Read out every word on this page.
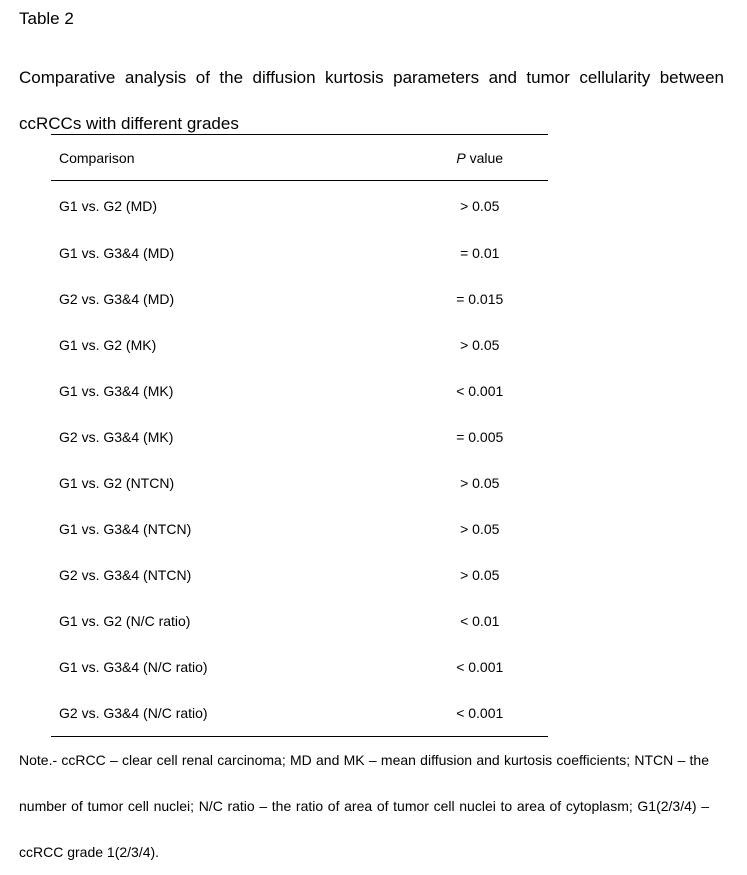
Table 2

Comparative analysis of the diffusion kurtosis parameters and tumor cellularity between ccRCCs with different grades

Comparison	P value
G1 vs. G2 (MD)	> 0.05
G1 vs. G3&4 (MD)	= 0.01
G2 vs. G3&4 (MD)	= 0.015
G1 vs. G2 (MK)	> 0.05
G1 vs. G3&4 (MK)	< 0.001
G2 vs. G3&4 (MK)	= 0.005
G1 vs. G2 (NTCN)	> 0.05
G1 vs. G3&4 (NTCN)	> 0.05
G2 vs. G3&4 (NTCN)	> 0.05
G1 vs. G2 (N/C ratio)	< 0.01
G1 vs. G3&4 (N/C ratio)	< 0.001
G2 vs. G3&4 (N/C ratio)	< 0.001

Note.- ccRCC – clear cell renal carcinoma; MD and MK – mean diffusion and kurtosis coefficients; NTCN – the number of tumor cell nuclei; N/C ratio – the ratio of area of tumor cell nuclei to area of cytoplasm; G1(2/3/4) – ccRCC grade 1(2/3/4).
